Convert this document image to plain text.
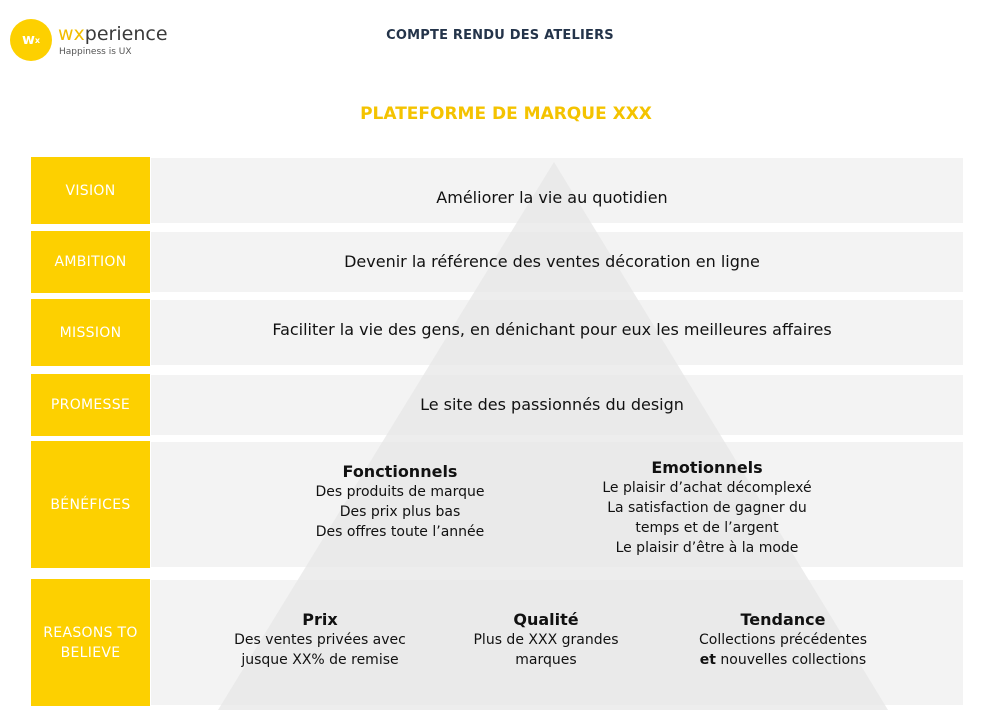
w x wxperience
Happiness is UX
COMPTE RENDU DES ATELIERS
PLATEFORME DE MARQUE XXX
VISION
AMBITION
MISSION
PROMESSE
BÉNÉFICES
REASONS TO
BELIEVE
Améliorer la vie au quotidien
Devenir la référence des ventes décoration en ligne
Faciliter la vie des gens, en dénichant pour eux les meilleures affaires
Le site des passionnés du design
Fonctionnels
Des produits de marque
Des prix plus bas
Des offres toute l’année
Emotionnels
Le plaisir d’achat décomplexé
La satisfaction de gagner du
temps et de l’argent
Le plaisir d’être à la mode
Prix
Des ventes privées avec
jusque XX% de remise
Qualité
Plus de XXX grandes
marques
Tendance
Collections précédentes
et nouvelles collections
